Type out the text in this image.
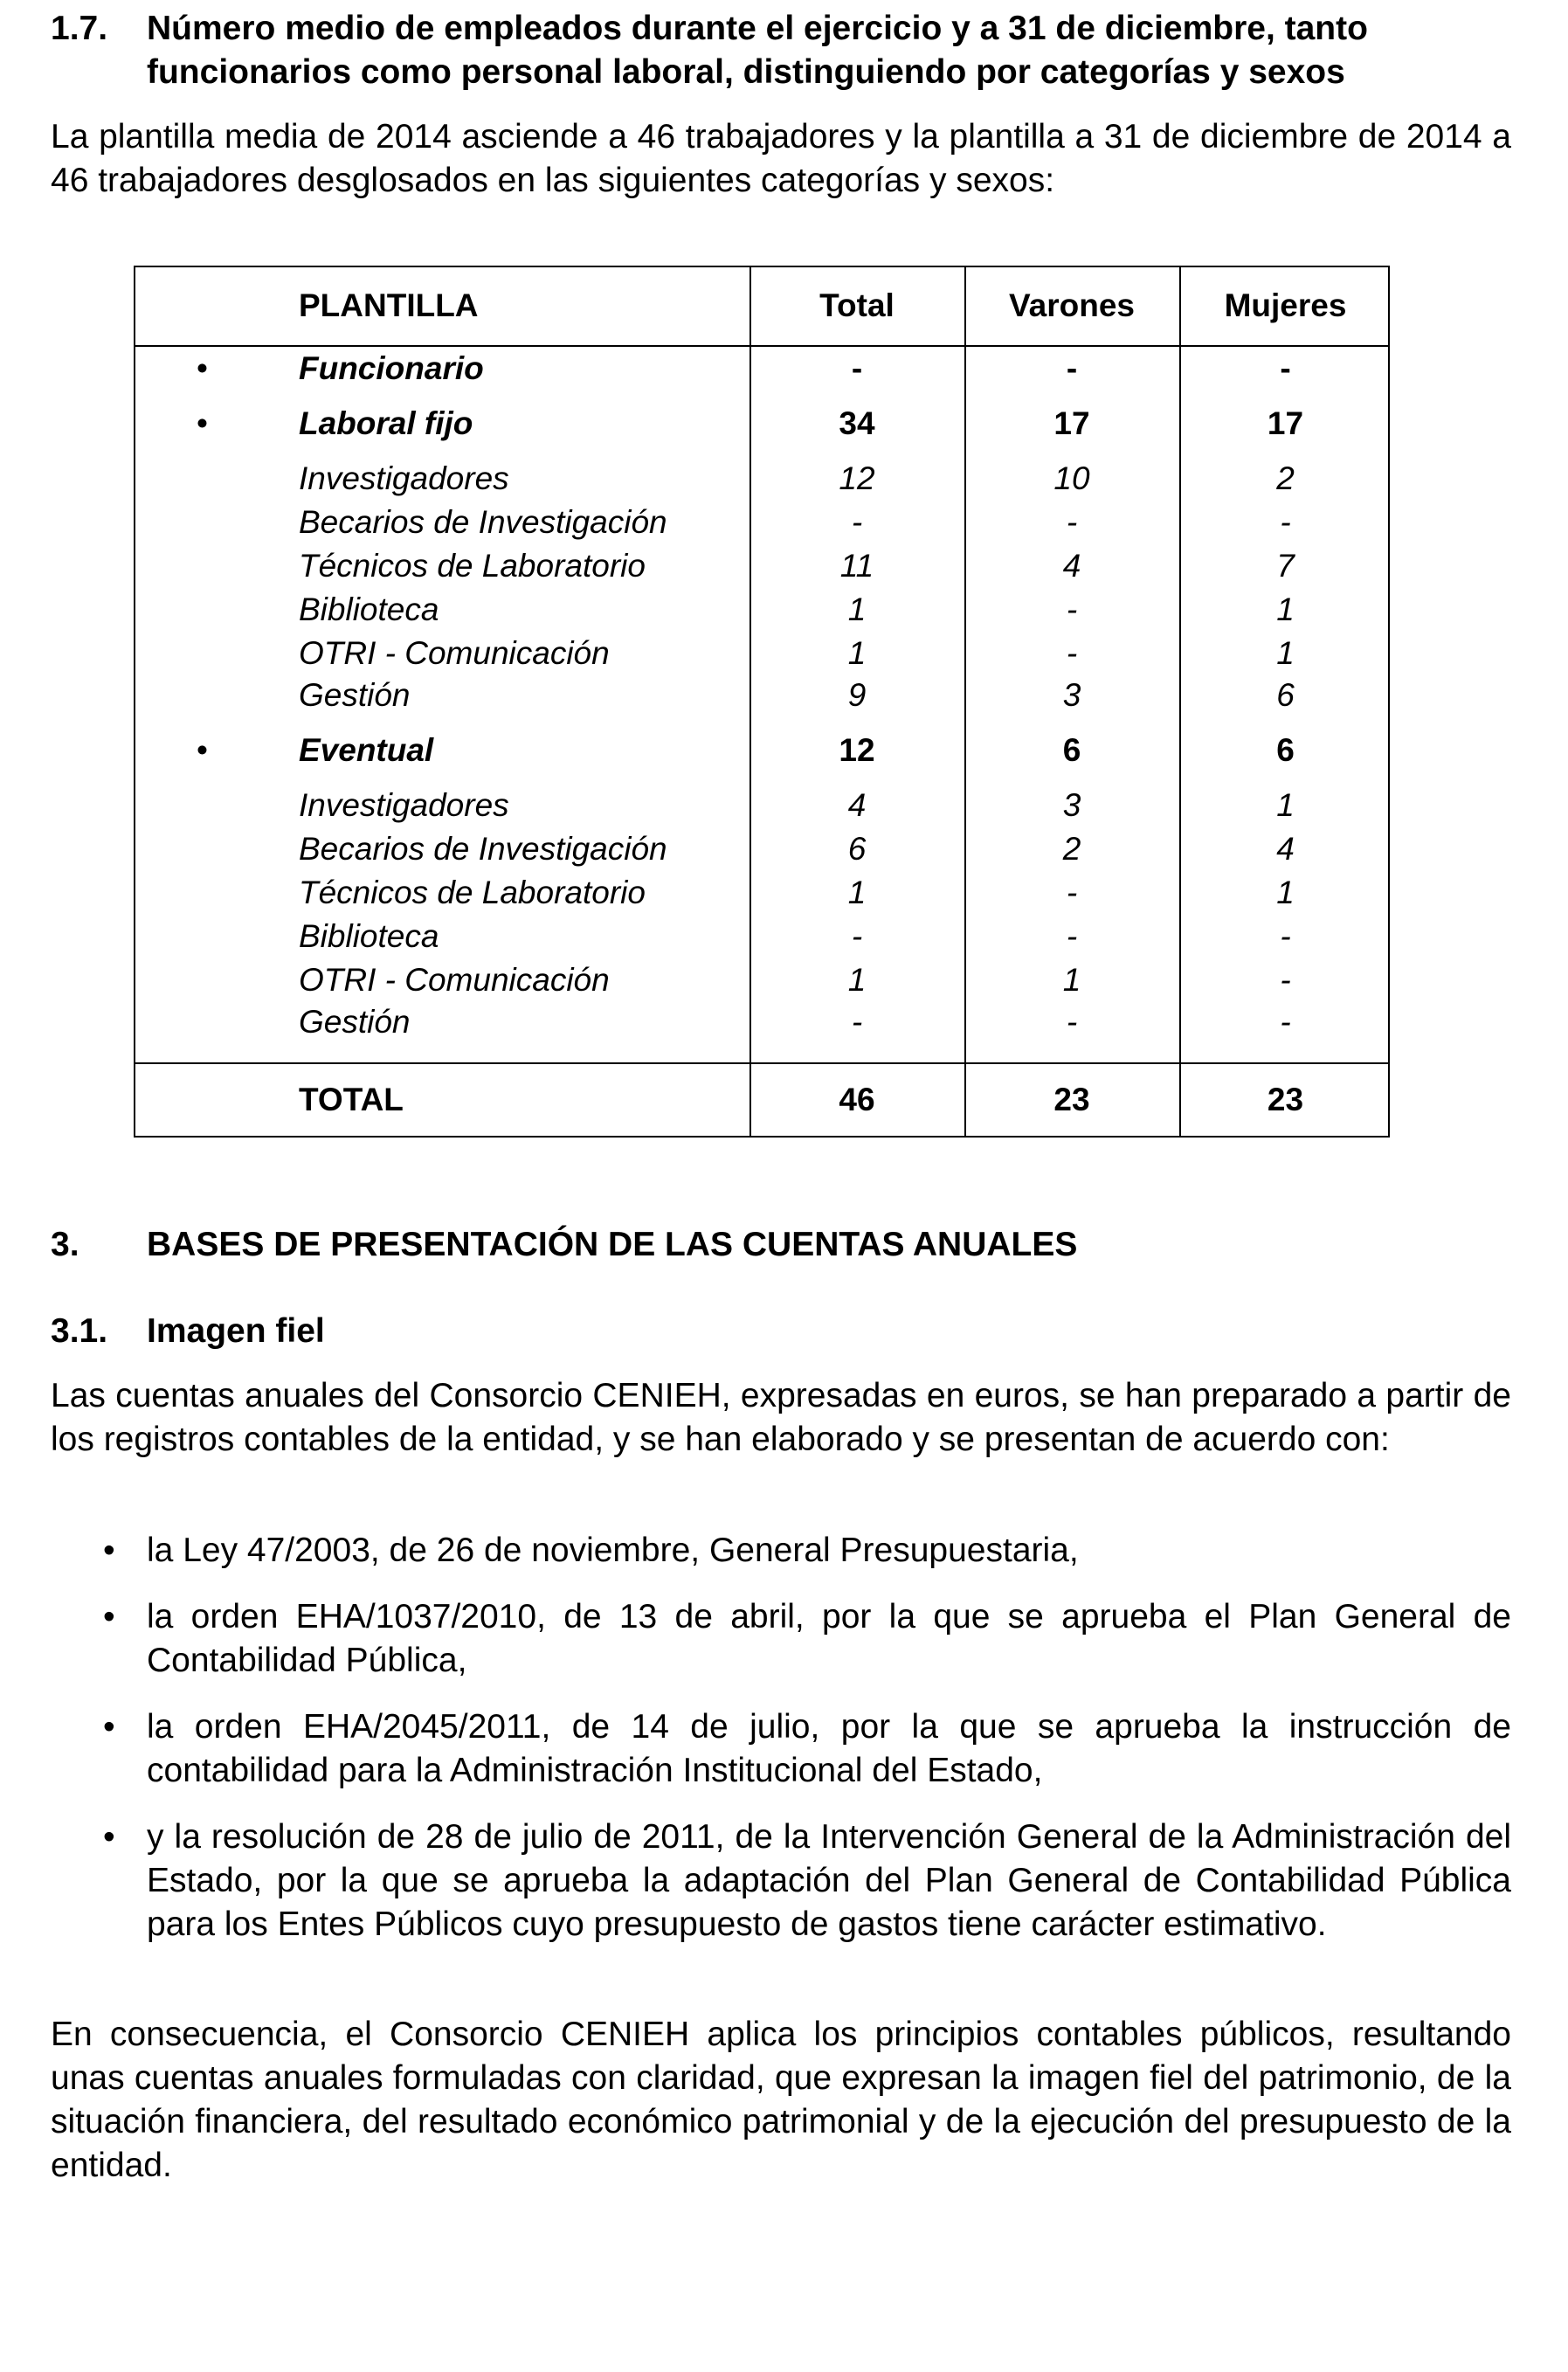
1.7. Número medio de empleados durante el ejercicio y a 31 de diciembre, tanto
funcionarios como personal laboral, distinguiendo por categorías y sexos
La plantilla media de 2014 asciende a 46 trabajadores y la plantilla a 31 de diciembre de 2014 a 46 trabajadores desglosados en las siguientes categorías y sexos:
PLANTILLA	Total	Varones	Mujeres
•	Funcionario	-	-	-
•	Laboral fijo	34	17	17
Investigadores	12	10	2
Becarios de Investigación	-	-	-
Técnicos de Laboratorio	11	4	7
Biblioteca	1	-	1
OTRI - Comunicación	1	-	1
Gestión	9	3	6
•	Eventual	12	6	6
Investigadores	4	3	1
Becarios de Investigación	6	2	4
Técnicos de Laboratorio	1	-	1
Biblioteca	-	-	-
OTRI - Comunicación	1	1	-
Gestión	-	-	-
TOTAL	46	23	23
3. BASES DE PRESENTACIÓN DE LAS CUENTAS ANUALES
3.1. Imagen fiel
Las cuentas anuales del Consorcio CENIEH, expresadas en euros, se han preparado a partir de los registros contables de la entidad, y se han elaborado y se presentan de acuerdo con:
• la Ley 47/2003, de 26 de noviembre, General Presupuestaria,
• la orden EHA/1037/2010, de 13 de abril, por la que se aprueba el Plan General de Contabilidad Pública,
• la orden EHA/2045/2011, de 14 de julio, por la que se aprueba la instrucción de contabilidad para la Administración Institucional del Estado,
• y la resolución de 28 de julio de 2011, de la Intervención General de la Administración del Estado, por la que se aprueba la adaptación del Plan General de Contabilidad Pública para los Entes Públicos cuyo presupuesto de gastos tiene carácter estimativo.
En consecuencia, el Consorcio CENIEH aplica los principios contables públicos, resultando unas cuentas anuales formuladas con claridad, que expresan la imagen fiel del patrimonio, de la situación financiera, del resultado económico patrimonial y de la ejecución del presupuesto de la entidad.
